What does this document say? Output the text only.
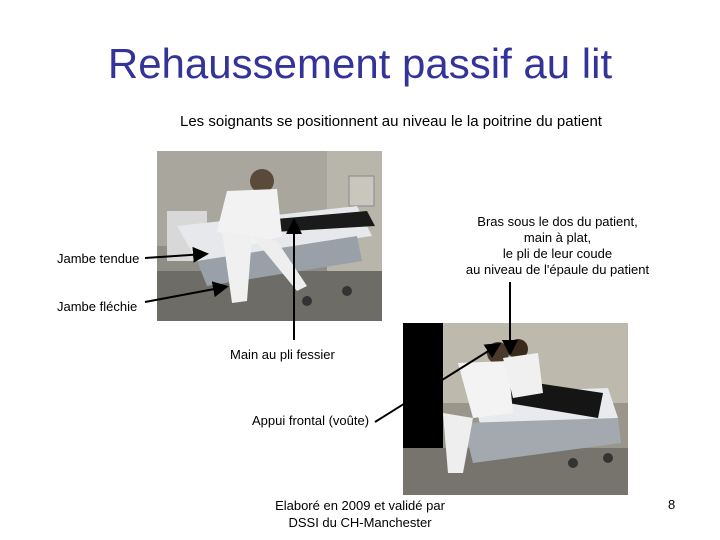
Rehaussement passif au lit
Les soignants se positionnent au niveau le la poitrine du patient
Jambe tendue
Jambe fléchie
Main au pli fessier
Appui frontal (voûte)
Bras sous le dos du patient,
main à plat,
le pli de leur coude
au niveau de l'épaule du patient
Elaboré en 2009 et validé par
DSSI du CH-Manchester
8
